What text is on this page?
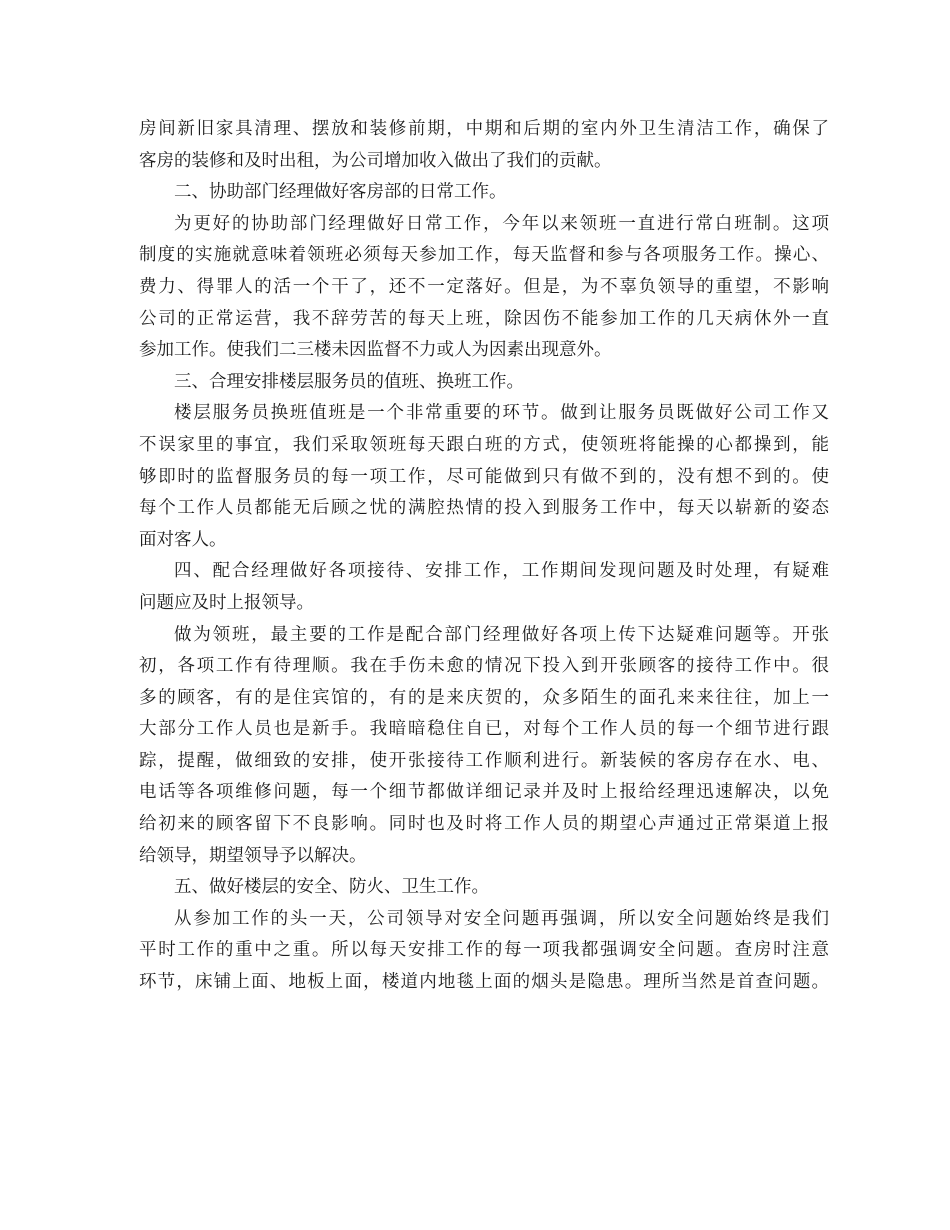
房间新旧家具清理、摆放和装修前期，中期和后期的室内外卫生清洁工作，确保了
客房的装修和及时出租，为公司增加收入做出了我们的贡献。
二、协助部门经理做好客房部的日常工作。
为更好的协助部门经理做好日常工作，今年以来领班一直进行常白班制。这项
制度的实施就意味着领班必须每天参加工作，每天监督和参与各项服务工作。操心、
费力、得罪人的活一个干了，还不一定落好。但是，为不辜负领导的重望，不影响
公司的正常运营，我不辞劳苦的每天上班，除因伤不能参加工作的几天病休外一直
参加工作。使我们二三楼未因监督不力或人为因素出现意外。
三、合理安排楼层服务员的值班、换班工作。
楼层服务员换班值班是一个非常重要的环节。做到让服务员既做好公司工作又
不误家里的事宜，我们采取领班每天跟白班的方式，使领班将能操的心都操到，能
够即时的监督服务员的每一项工作，尽可能做到只有做不到的，没有想不到的。使
每个工作人员都能无后顾之忧的满腔热情的投入到服务工作中，每天以崭新的姿态
面对客人。
四、配合经理做好各项接待、安排工作，工作期间发现问题及时处理，有疑难
问题应及时上报领导。
做为领班，最主要的工作是配合部门经理做好各项上传下达疑难问题等。开张
初，各项工作有待理顺。我在手伤未愈的情况下投入到开张顾客的接待工作中。很
多的顾客，有的是住宾馆的，有的是来庆贺的，众多陌生的面孔来来往往，加上一
大部分工作人员也是新手。我暗暗稳住自已，对每个工作人员的每一个细节进行跟
踪，提醒，做细致的安排，使开张接待工作顺利进行。新装候的客房存在水、电、
电话等各项维修问题，每一个细节都做详细记录并及时上报给经理迅速解决，以免
给初来的顾客留下不良影响。同时也及时将工作人员的期望心声通过正常渠道上报
给领导，期望领导予以解决。
五、做好楼层的安全、防火、卫生工作。
从参加工作的头一天，公司领导对安全问题再强调，所以安全问题始终是我们
平时工作的重中之重。所以每天安排工作的每一项我都强调安全问题。查房时注意
环节，床铺上面、地板上面，楼道内地毯上面的烟头是隐患。理所当然是首查问题。
